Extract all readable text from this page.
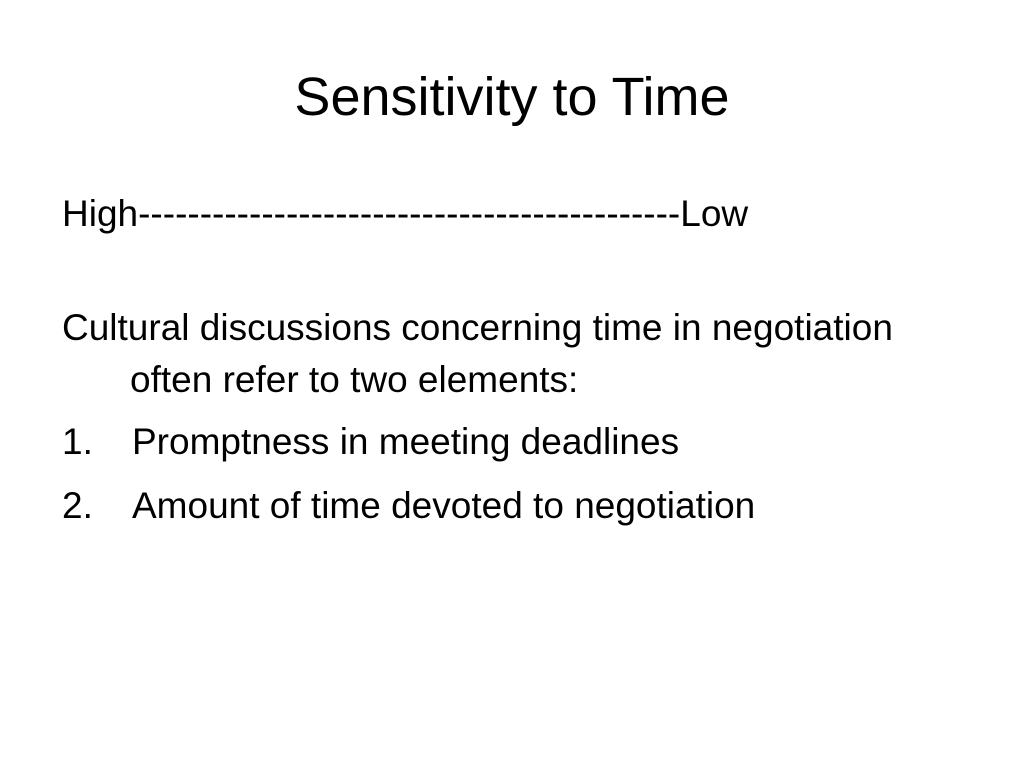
Sensitivity to Time

High--------------------------------------------Low

Cultural discussions concerning time in negotiation often refer to two elements:

1.	Promptness in meeting deadlines
2.	Amount of time devoted to negotiation
